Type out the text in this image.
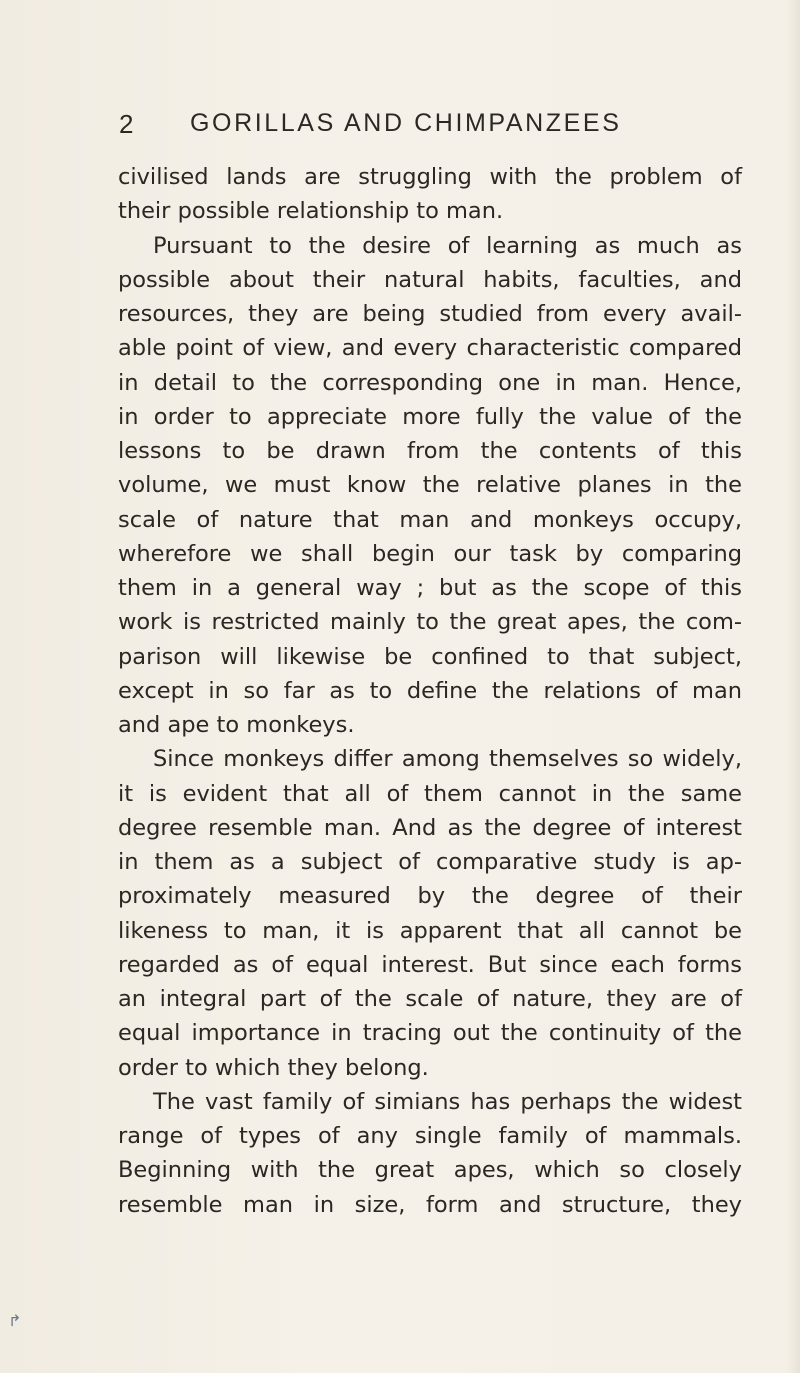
2 GORILLAS AND CHIMPANZEES
civilised lands are struggling with the problem of
their possible relationship to man.
Pursuant to the desire of learning as much as
possible about their natural habits, faculties, and
resources, they are being studied from every avail-
able point of view, and every characteristic compared
in detail to the corresponding one in man. Hence,
in order to appreciate more fully the value of the
lessons to be drawn from the contents of this
volume, we must know the relative planes in the
scale of nature that man and monkeys occupy,
wherefore we shall begin our task by comparing
them in a general way ; but as the scope of this
work is restricted mainly to the great apes, the com-
parison will likewise be confined to that subject,
except in so far as to define the relations of man
and ape to monkeys.
Since monkeys differ among themselves so widely,
it is evident that all of them cannot in the same
degree resemble man. And as the degree of interest
in them as a subject of comparative study is ap-
proximately measured by the degree of their
likeness to man, it is apparent that all cannot be
regarded as of equal interest. But since each forms
an integral part of the scale of nature, they are of
equal importance in tracing out the continuity of the
order to which they belong.
The vast family of simians has perhaps the widest
range of types of any single family of mammals.
Beginning with the great apes, which so closely
resemble man in size, form and structure, they
↱
